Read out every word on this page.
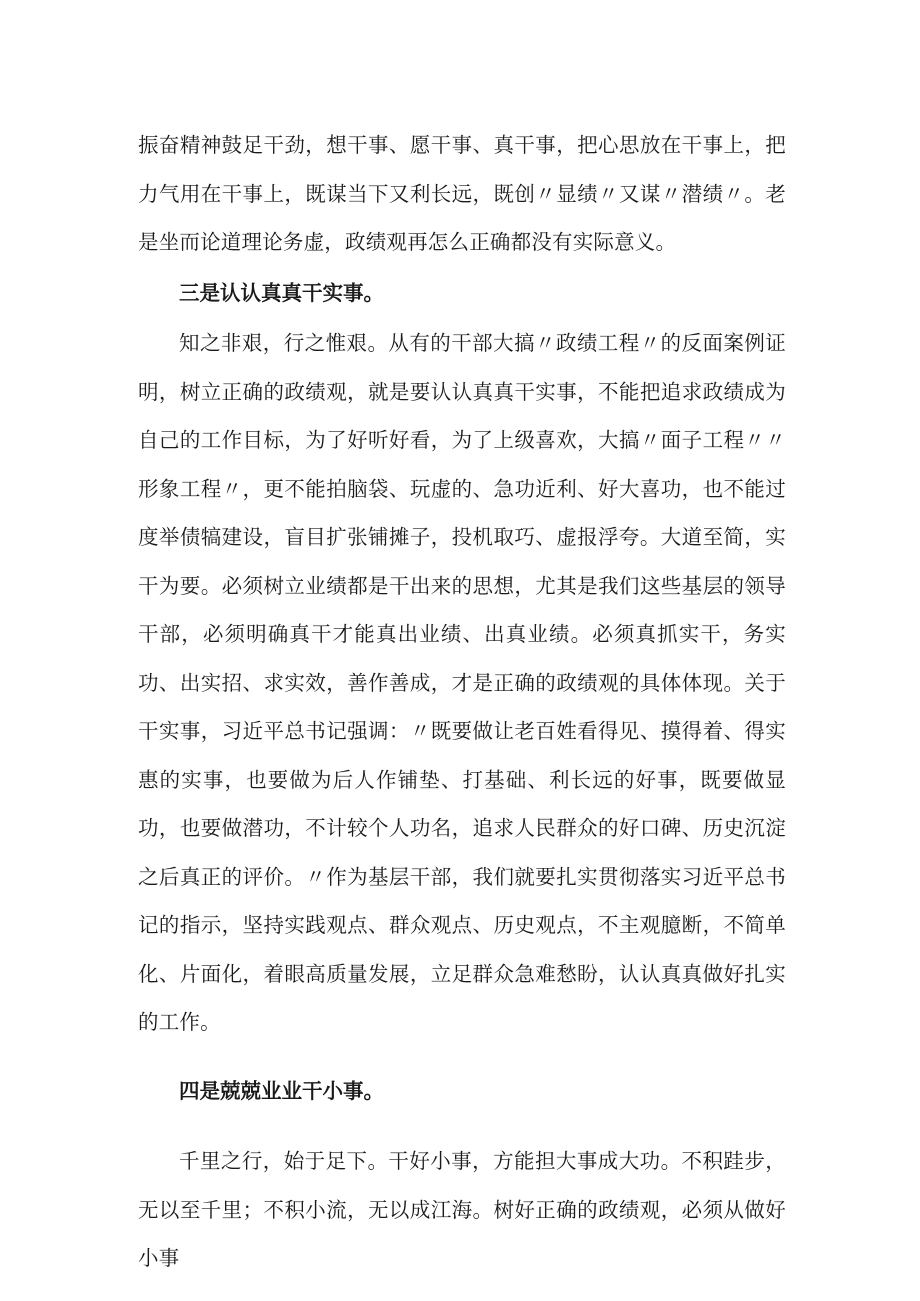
振奋精神鼓足干劲，想干事、愿干事、真干事，把心思放在干事上，把力气用在干事上，既谋当下又利长远，既创〃显绩〃又谋〃潜绩〃。老是坐而论道理论务虚，政绩观再怎么正确都没有实际意义。

三是认认真真干实事。

知之非艰，行之惟艰。从有的干部大搞〃政绩工程〃的反面案例证明，树立正确的政绩观，就是要认认真真干实事，不能把追求政绩成为自己的工作目标，为了好听好看，为了上级喜欢，大搞〃面子工程〃〃形象工程〃，更不能拍脑袋、玩虚的、急功近利、好大喜功，也不能过度举债犒建设，盲目扩张铺摊子，投机取巧、虚报浮夸。大道至简，实干为要。必须树立业绩都是干出来的思想，尤其是我们这些基层的领导干部，必须明确真干才能真出业绩、出真业绩。必须真抓实干，务实功、出实招、求实效，善作善成，才是正确的政绩观的具体体现。关于干实事，习近平总书记强调：〃既要做让老百姓看得见、摸得着、得实惠的实事，也要做为后人作铺垫、打基础、利长远的好事，既要做显功，也要做潜功，不计较个人功名，追求人民群众的好口碑、历史沉淀之后真正的评价。〃作为基层干部，我们就要扎实贯彻落实习近平总书记的指示，坚持实践观点、群众观点、历史观点，不主观臆断，不简单化、片面化，着眼高质量发展，立足群众急难愁盼，认认真真做好扎实的工作。

四是兢兢业业干小事。

千里之行，始于足下。干好小事，方能担大事成大功。不积跬步，无以至千里；不积小流，无以成江海。树好正确的政绩观，必须从做好小事
